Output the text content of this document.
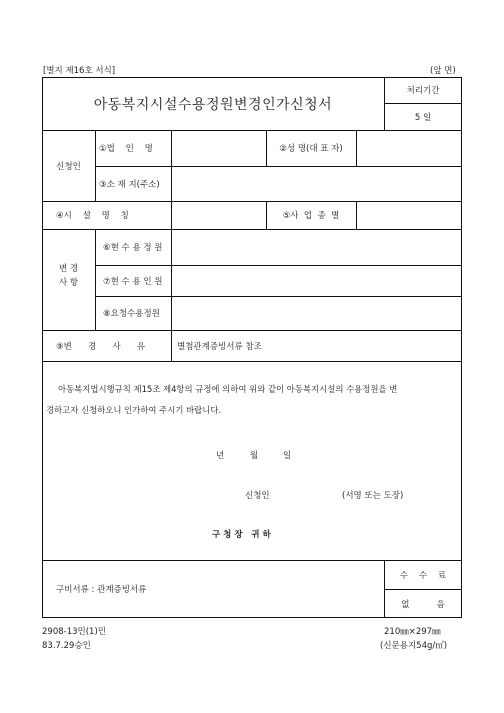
[별지 제16호 서식]	(앞 면)
아동복지시설수용정원변경인가신청서
처리기간
5 일
신청인
①법    인    명	②성 명(대 표 자)
③소 재 지(주소)
④시    설    명    칭	⑤사  업  종  별
변 경
사 항
⑥현 수 용 정 원
⑦현 수 용 인 원
⑧요청수용정원
⑨변      경      사      유	별첨관계증빙서류 참조
아동복지법시행규칙 제15조 제4항의 규정에 의하여 위와 같이 아동복지시설의 수용정원을 변
경하고자 신청하오니 인가하여 주시기 바랍니다.
년	월	일
신청인	(서명 또는 도장)
구 청 장   귀 하
구비서류 : 관계증빙서류
수    수    료
없          음
2908-13민(1)민
83.7.29승인
210㎜×297㎜
(신문용지54g/㎡)
